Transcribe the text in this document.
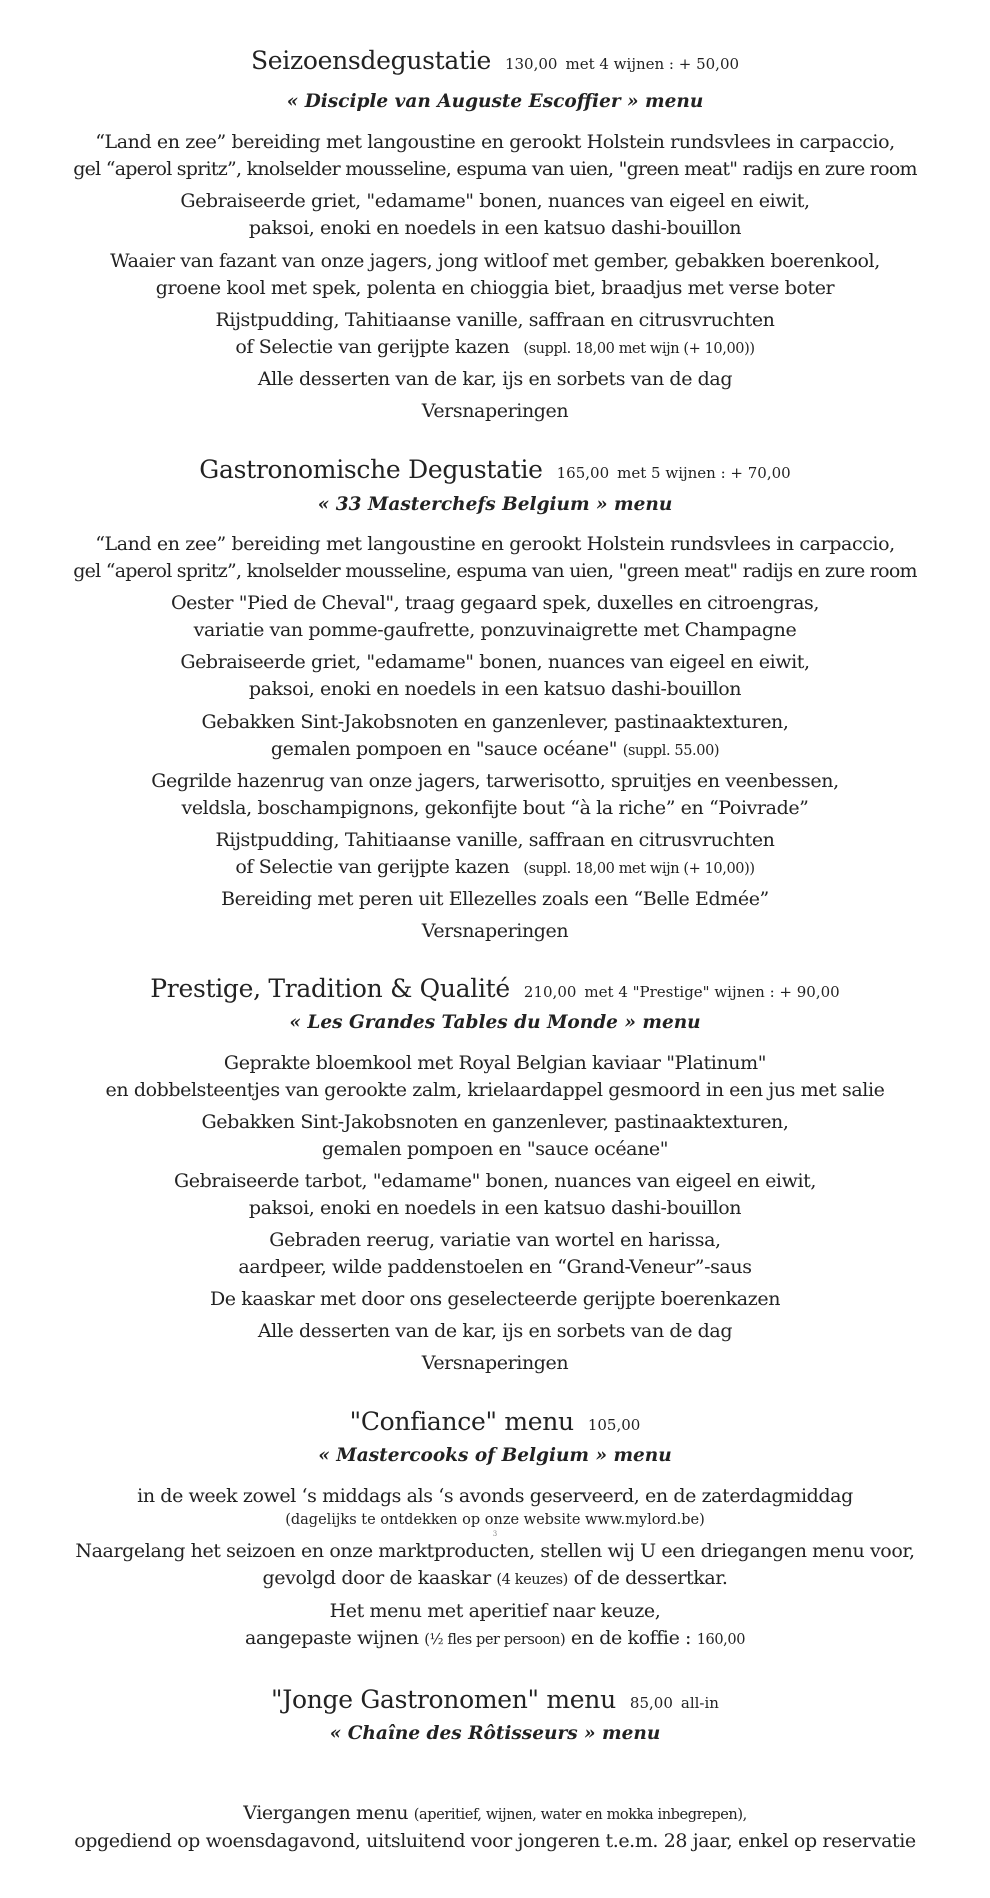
Seizoensdegustatie 130,00 met 4 wijnen : + 50,00
« Disciple van Auguste Escoffier » menu
“Land en zee” bereiding met langoustine en gerookt Holstein rundsvlees in carpaccio,
gel “aperol spritz”, knolselder mousseline, espuma van uien, "green meat" radijs en zure room
Gebraiseerde griet, "edamame" bonen, nuances van eigeel en eiwit,
paksoi, enoki en noedels in een katsuo dashi-bouillon
Waaier van fazant van onze jagers, jong witloof met gember, gebakken boerenkool,
groene kool met spek, polenta en chioggia biet, braadjus met verse boter
Rijstpudding, Tahitiaanse vanille, saffraan en citrusvruchten
of Selectie van gerijpte kazen (suppl. 18,00 met wijn (+ 10,00))
Alle desserten van de kar, ijs en sorbets van de dag
Versnaperingen
Gastronomische Degustatie 165,00 met 5 wijnen : + 70,00
« 33 Masterchefs Belgium » menu
“Land en zee” bereiding met langoustine en gerookt Holstein rundsvlees in carpaccio,
gel “aperol spritz”, knolselder mousseline, espuma van uien, "green meat" radijs en zure room
Oester "Pied de Cheval", traag gegaard spek, duxelles en citroengras,
variatie van pomme-gaufrette, ponzuvinaigrette met Champagne
Gebraiseerde griet, "edamame" bonen, nuances van eigeel en eiwit,
paksoi, enoki en noedels in een katsuo dashi-bouillon
Gebakken Sint-Jakobsnoten en ganzenlever, pastinaaktexturen,
gemalen pompoen en "sauce océane" (suppl. 55.00)
Gegrilde hazenrug van onze jagers, tarwerisotto, spruitjes en veenbessen,
veldsla, boschampignons, gekonfijte bout “à la riche” en “Poivrade”
Rijstpudding, Tahitiaanse vanille, saffraan en citrusvruchten
of Selectie van gerijpte kazen (suppl. 18,00 met wijn (+ 10,00))
Bereiding met peren uit Ellezelles zoals een “Belle Edmée”
Versnaperingen
Prestige, Tradition & Qualité 210,00 met 4 "Prestige" wijnen : + 90,00
« Les Grandes Tables du Monde » menu
Geprakte bloemkool met Royal Belgian kaviaar "Platinum"
en dobbelsteentjes van gerookte zalm, krielaardappel gesmoord in een jus met salie
Gebakken Sint-Jakobsnoten en ganzenlever, pastinaaktexturen,
gemalen pompoen en "sauce océane"
Gebraiseerde tarbot, "edamame" bonen, nuances van eigeel en eiwit,
paksoi, enoki en noedels in een katsuo dashi-bouillon
Gebraden reerug, variatie van wortel en harissa,
aardpeer, wilde paddenstoelen en “Grand-Veneur”-saus
De kaaskar met door ons geselecteerde gerijpte boerenkazen
Alle desserten van de kar, ijs en sorbets van de dag
Versnaperingen
"Confiance" menu 105,00
« Mastercooks of Belgium » menu
in de week zowel ‘s middags als ‘s avonds geserveerd, en de zaterdagmiddag
(dagelijks te ontdekken op onze website www.mylord.be)
3
Naargelang het seizoen en onze marktproducten, stellen wij U een driegangen menu voor,
gevolgd door de kaaskar (4 keuzes) of de dessertkar.
Het menu met aperitief naar keuze,
aangepaste wijnen (½ fles per persoon) en de koffie : 160,00
"Jonge Gastronomen" menu 85,00 all-in
« Chaîne des Rôtisseurs » menu
Viergangen menu (aperitief, wijnen, water en mokka inbegrepen),
opgediend op woensdagavond, uitsluitend voor jongeren t.e.m. 28 jaar, enkel op reservatie
